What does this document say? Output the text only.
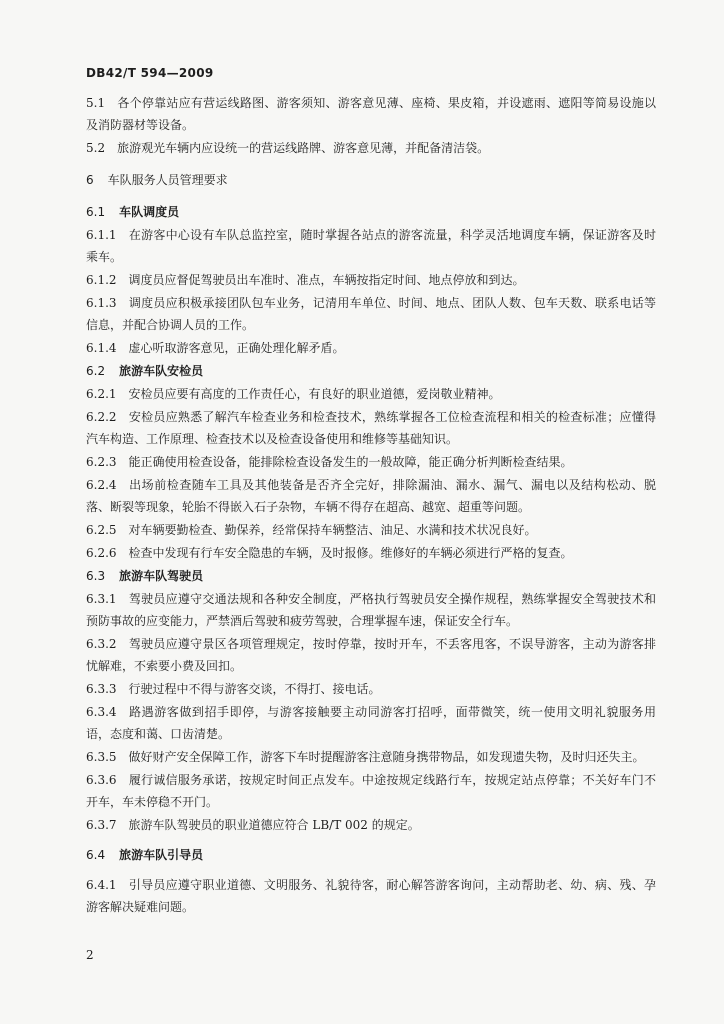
DB42/T 594—2009
5.1 各个停靠站应有营运线路图、游客须知、游客意见薄、座椅、果皮箱，并设遮雨、遮阳等简易设施以及消防器材等设备。
5.2 旅游观光车辆内应设统一的营运线路牌、游客意见薄，并配备清洁袋。
6 车队服务人员管理要求
6.1 车队调度员
6.1.1 在游客中心设有车队总监控室，随时掌握各站点的游客流量，科学灵活地调度车辆，保证游客及时乘车。
6.1.2 调度员应督促驾驶员出车准时、准点，车辆按指定时间、地点停放和到达。
6.1.3 调度员应积极承接团队包车业务，记清用车单位、时间、地点、团队人数、包车天数、联系电话等信息，并配合协调人员的工作。
6.1.4 虚心听取游客意见，正确处理化解矛盾。
6.2 旅游车队安检员
6.2.1 安检员应要有高度的工作责任心，有良好的职业道德，爱岗敬业精神。
6.2.2 安检员应熟悉了解汽车检查业务和检查技术，熟练掌握各工位检查流程和相关的检查标准；应懂得汽车构造、工作原理、检查技术以及检查设备使用和维修等基础知识。
6.2.3 能正确使用检查设备，能排除检查设备发生的一般故障，能正确分析判断检查结果。
6.2.4 出场前检查随车工具及其他装备是否齐全完好，排除漏油、漏水、漏气、漏电以及结构松动、脱落、断裂等现象，轮胎不得嵌入石子杂物，车辆不得存在超高、越宽、超重等问题。
6.2.5 对车辆要勤检查、勤保养，经常保持车辆整洁、油足、水满和技术状况良好。
6.2.6 检查中发现有行车安全隐患的车辆，及时报修。维修好的车辆必须进行严格的复查。
6.3 旅游车队驾驶员
6.3.1 驾驶员应遵守交通法规和各种安全制度，严格执行驾驶员安全操作规程，熟练掌握安全驾驶技术和预防事故的应变能力，严禁酒后驾驶和疲劳驾驶，合理掌握车速，保证安全行车。
6.3.2 驾驶员应遵守景区各项管理规定，按时停靠，按时开车，不丢客甩客，不误导游客，主动为游客排忧解难，不索要小费及回扣。
6.3.3 行驶过程中不得与游客交谈，不得打、接电话。
6.3.4 路遇游客做到招手即停，与游客接触要主动同游客打招呼，面带微笑，统一使用文明礼貌服务用语，态度和蔼、口齿清楚。
6.3.5 做好财产安全保障工作，游客下车时提醒游客注意随身携带物品，如发现遗失物，及时归还失主。
6.3.6 履行诚信服务承诺，按规定时间正点发车。中途按规定线路行车，按规定站点停靠；不关好车门不开车，车未停稳不开门。
6.3.7 旅游车队驾驶员的职业道德应符合 LB/T 002 的规定。
6.4 旅游车队引导员
6.4.1 引导员应遵守职业道德、文明服务、礼貌待客，耐心解答游客询问，主动帮助老、幼、病、残、孕游客解决疑难问题。
2
